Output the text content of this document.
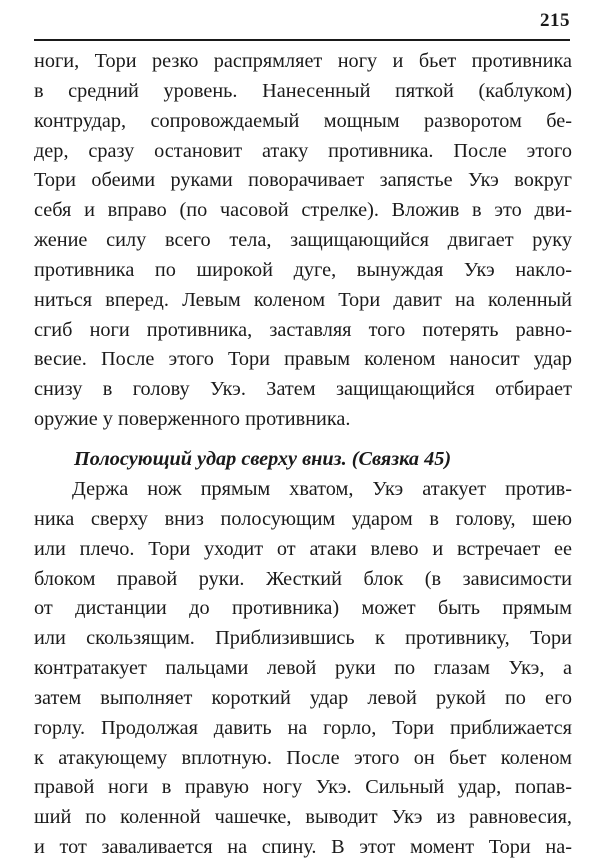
215
ноги, Тори резко распрямляет ногу и бьет противника
в средний уровень. Нанесенный пяткой (каблуком)
контрудар, сопровождаемый мощным разворотом бе-
дер, сразу остановит атаку противника. После этого
Тори обеими руками поворачивает запястье Укэ вокруг
себя и вправо (по часовой стрелке). Вложив в это дви-
жение силу всего тела, защищающийся двигает руку
противника по широкой дуге, вынуждая Укэ накло-
ниться вперед. Левым коленом Тори давит на коленный
сгиб ноги противника, заставляя того потерять равно-
весие. После этого Тори правым коленом наносит удар
снизу в голову Укэ. Затем защищающийся отбирает
оружие у поверженного противника.
Полосующий удар сверху вниз. (Связка 45)
Держа нож прямым хватом, Укэ атакует против-
ника сверху вниз полосующим ударом в голову, шею
или плечо. Тори уходит от атаки влево и встречает ее
блоком правой руки. Жесткий блок (в зависимости
от дистанции до противника) может быть прямым
или скользящим. Приблизившись к противнику, Тори
контратакует пальцами левой руки по глазам Укэ, а
затем выполняет короткий удар левой рукой по его
горлу. Продолжая давить на горло, Тори приближается
к атакующему вплотную. После этого он бьет коленом
правой ноги в правую ногу Укэ. Сильный удар, попав-
ший по коленной чашечке, выводит Укэ из равновесия,
и тот заваливается на спину. В этот момент Тори на-
